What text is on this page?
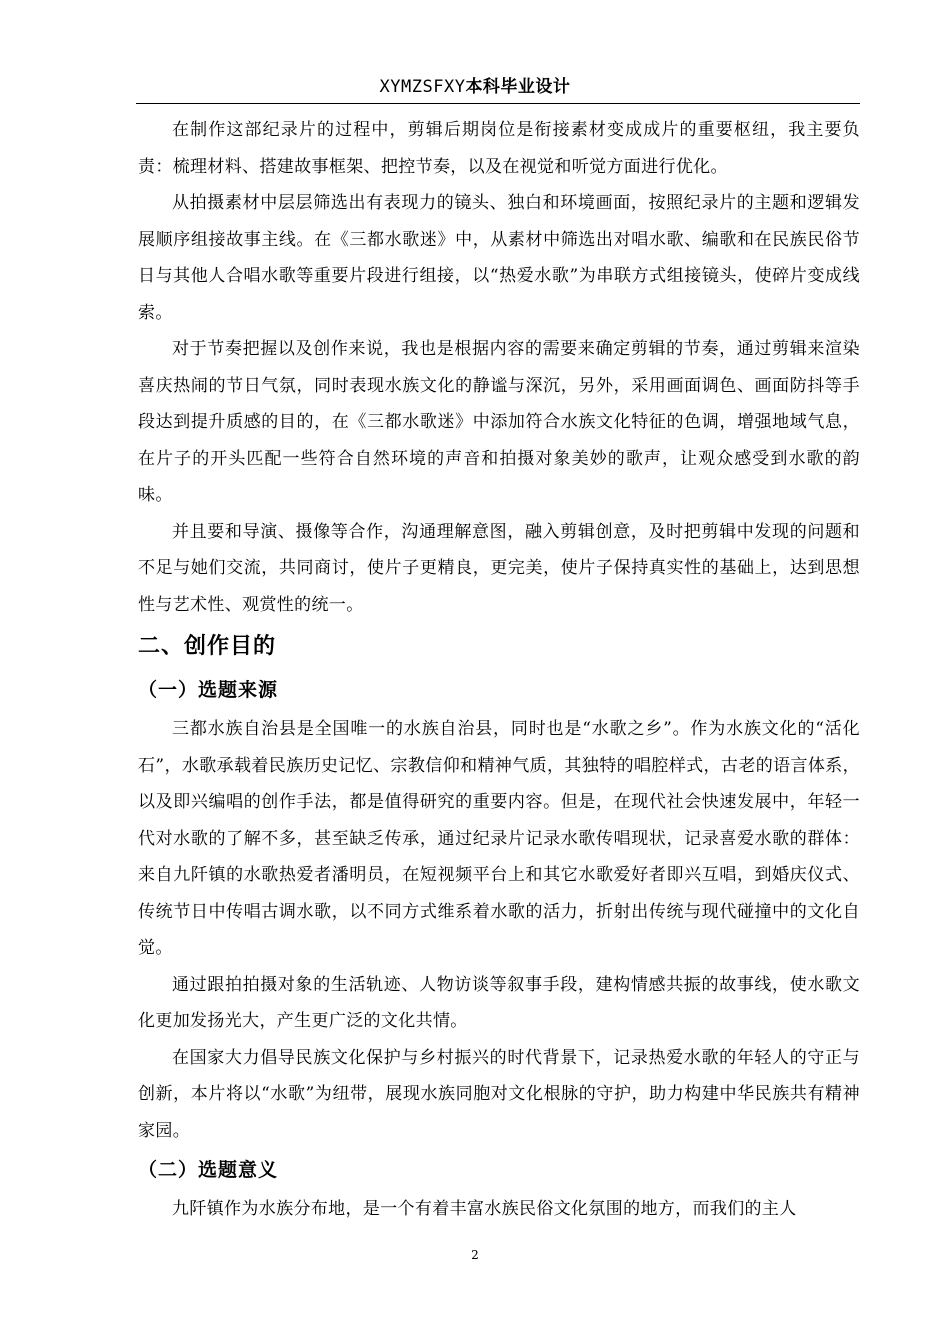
XYMZSFXY本科毕业设计

在制作这部纪录片的过程中，剪辑后期岗位是衔接素材变成成片的重要枢纽，我主要负责：梳理材料、搭建故事框架、把控节奏，以及在视觉和听觉方面进行优化。

从拍摄素材中层层筛选出有表现力的镜头、独白和环境画面，按照纪录片的主题和逻辑发展顺序组接故事主线。在《三都水歌迷》中，从素材中筛选出对唱水歌、编歌和在民族民俗节日与其他人合唱水歌等重要片段进行组接，以“热爱水歌”为串联方式组接镜头，使碎片变成线索。

对于节奏把握以及创作来说，我也是根据内容的需要来确定剪辑的节奏，通过剪辑来渲染喜庆热闹的节日气氛，同时表现水族文化的静谧与深沉，另外，采用画面调色、画面防抖等手段达到提升质感的目的，在《三都水歌迷》中添加符合水族文化特征的色调，增强地域气息，在片子的开头匹配一些符合自然环境的声音和拍摄对象美妙的歌声，让观众感受到水歌的韵味。

并且要和导演、摄像等合作，沟通理解意图，融入剪辑创意，及时把剪辑中发现的问题和不足与她们交流，共同商讨，使片子更精良，更完美，使片子保持真实性的基础上，达到思想性与艺术性、观赏性的统一。

二、创作目的
（一）选题来源

三都水族自治县是全国唯一的水族自治县，同时也是“水歌之乡”。作为水族文化的“活化石”，水歌承载着民族历史记忆、宗教信仰和精神气质，其独特的唱腔样式，古老的语言体系，以及即兴编唱的创作手法，都是值得研究的重要内容。但是，在现代社会快速发展中，年轻一代对水歌的了解不多，甚至缺乏传承，通过纪录片记录水歌传唱现状，记录喜爱水歌的群体：来自九阡镇的水歌热爱者潘明员，在短视频平台上和其它水歌爱好者即兴互唱，到婚庆仪式、传统节日中传唱古调水歌，以不同方式维系着水歌的活力，折射出传统与现代碰撞中的文化自觉。

通过跟拍拍摄对象的生活轨迹、人物访谈等叙事手段，建构情感共振的故事线，使水歌文化更加发扬光大，产生更广泛的文化共情。

在国家大力倡导民族文化保护与乡村振兴的时代背景下，记录热爱水歌的年轻人的守正与创新，本片将以“水歌”为纽带，展现水族同胞对文化根脉的守护，助力构建中华民族共有精神家园。

（二）选题意义

九阡镇作为水族分布地，是一个有着丰富水族民俗文化氛围的地方，而我们的主人

2
